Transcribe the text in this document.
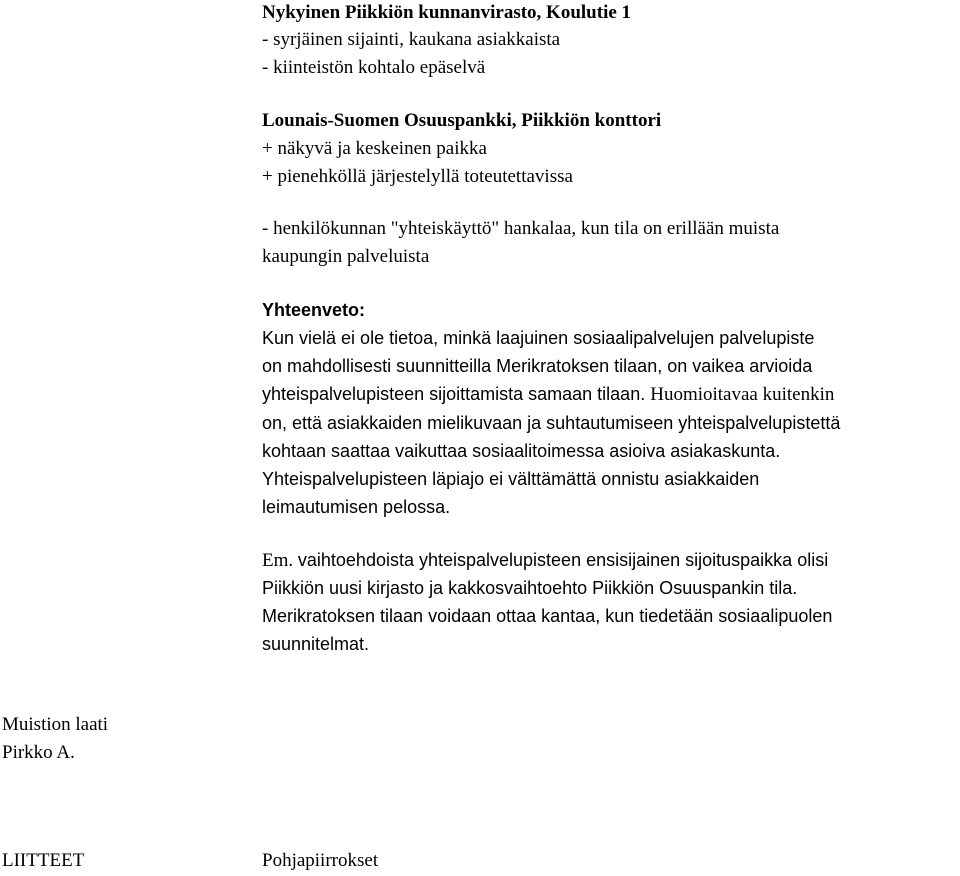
Nykyinen Piikkiön kunnanvirasto, Koulutie 1
- syrjäinen sijainti, kaukana asiakkaista
- kiinteistön kohtalo epäselvä
Lounais-Suomen Osuuspankki, Piikkiön konttori
+ näkyvä ja keskeinen paikka
+ pienehköllä järjestelyllä toteutettavissa
- henkilökunnan "yhteiskäyttö" hankalaa, kun tila on erillään muista
kaupungin palveluista
Yhteenveto:
Kun vielä ei ole tietoa, minkä laajuinen sosiaalipalvelujen palvelupiste
on mahdollisesti suunnitteilla Merikratoksen tilaan, on vaikea arvioida
yhteispalvelupisteen sijoittamista samaan tilaan. Huomioitavaa kuitenkin
on, että asiakkaiden mielikuvaan ja suhtautumiseen yhteispalvelupistettä
kohtaan saattaa vaikuttaa sosiaalitoimessa asioiva asiakaskunta.
Yhteispalvelupisteen läpiajo ei välttämättä onnistu asiakkaiden
leimautumisen pelossa.
Em. vaihtoehdoista yhteispalvelupisteen ensisijainen sijoituspaikka olisi
Piikkiön uusi kirjasto ja kakkosvaihtoehto Piikkiön Osuuspankin tila.
Merikratoksen tilaan voidaan ottaa kantaa, kun tiedetään sosiaalipuolen
suunnitelmat.
Muistion laati
Pirkko A.
LIITTEET	Pohjapiirrokset
